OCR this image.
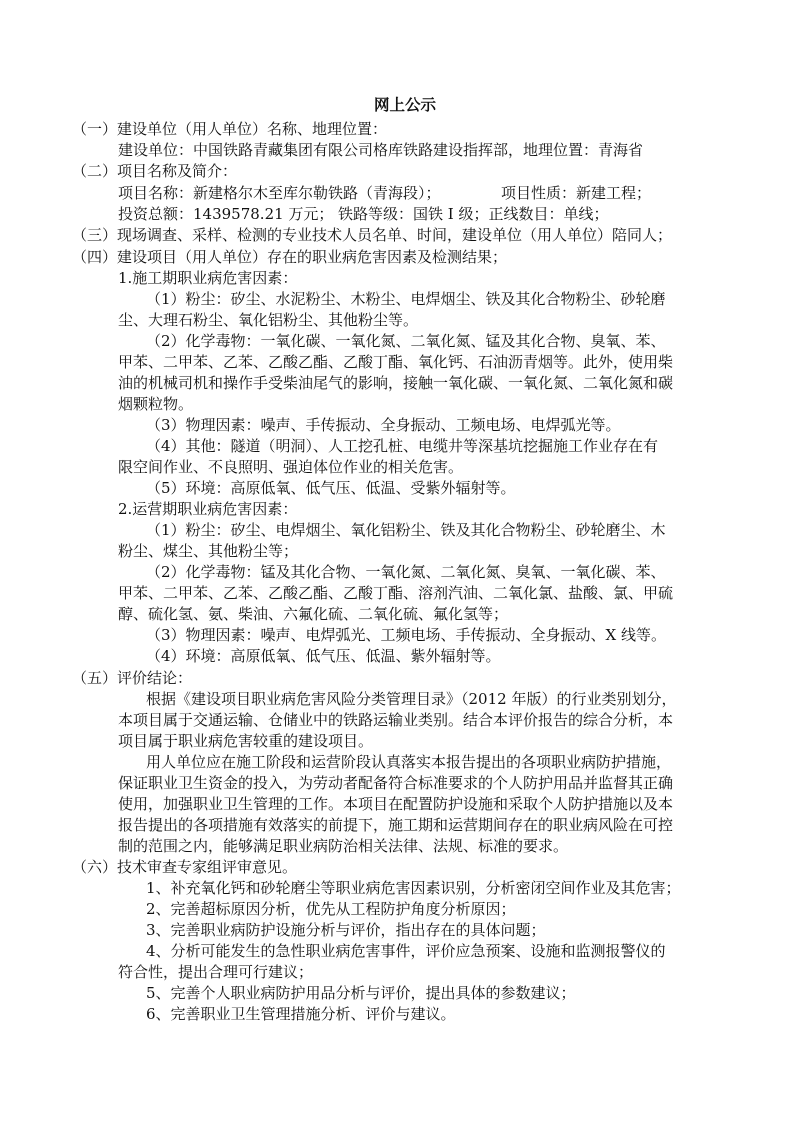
网上公示
（一）建设单位（用人单位）名称、地理位置：
建设单位：中国铁路青藏集团有限公司格库铁路建设指挥部，地理位置：青海省
（二）项目名称及简介：
项目名称：新建格尔木至库尔勒铁路（青海段）；	项目性质：新建工程；
投资总额：1439578.21 万元； 铁路等级：国铁 I 级；正线数目：单线；
（三）现场调查、采样、检测的专业技术人员名单、时间，建设单位（用人单位）陪同人；
（四）建设项目（用人单位）存在的职业病危害因素及检测结果；
1.施工期职业病危害因素：
（1）粉尘：矽尘、水泥粉尘、木粉尘、电焊烟尘、铁及其化合物粉尘、砂轮磨
尘、大理石粉尘、氧化铝粉尘、其他粉尘等。
（2）化学毒物：一氧化碳、一氧化氮、二氧化氮、锰及其化合物、臭氧、苯、
甲苯、二甲苯、乙苯、乙酸乙酯、乙酸丁酯、氧化钙、石油沥青烟等。此外，使用柴
油的机械司机和操作手受柴油尾气的影响，接触一氧化碳、一氧化氮、二氧化氮和碳
烟颗粒物。
（3）物理因素：噪声、手传振动、全身振动、工频电场、电焊弧光等。
（4）其他：隧道（明洞）、人工挖孔桩、电缆井等深基坑挖掘施工作业存在有
限空间作业、不良照明、强迫体位作业的相关危害。
（5）环境：高原低氧、低气压、低温、受紫外辐射等。
2.运营期职业病危害因素：
（1）粉尘：矽尘、电焊烟尘、氧化铝粉尘、铁及其化合物粉尘、砂轮磨尘、木
粉尘、煤尘、其他粉尘等；
（2）化学毒物：锰及其化合物、一氧化氮、二氧化氮、臭氧、一氧化碳、苯、
甲苯、二甲苯、乙苯、乙酸乙酯、乙酸丁酯、溶剂汽油、二氧化氯、盐酸、氯、甲硫
醇、硫化氢、氨、柴油、六氟化硫、二氧化硫、氟化氢等；
（3）物理因素：噪声、电焊弧光、工频电场、手传振动、全身振动、X 线等。
（4）环境：高原低氧、低气压、低温、紫外辐射等。
（五）评价结论：
根据《建设项目职业病危害风险分类管理目录》（2012 年版）的行业类别划分，
本项目属于交通运输、仓储业中的铁路运输业类别。结合本评价报告的综合分析，本
项目属于职业病危害较重的建设项目。
用人单位应在施工阶段和运营阶段认真落实本报告提出的各项职业病防护措施，
保证职业卫生资金的投入，为劳动者配备符合标准要求的个人防护用品并监督其正确
使用，加强职业卫生管理的工作。本项目在配置防护设施和采取个人防护措施以及本
报告提出的各项措施有效落实的前提下，施工期和运营期间存在的职业病风险在可控
制的范围之内，能够满足职业病防治相关法律、法规、标准的要求。
（六）技术审查专家组评审意见。
1、补充氧化钙和砂轮磨尘等职业病危害因素识别，分析密闭空间作业及其危害；
2、完善超标原因分析，优先从工程防护角度分析原因；
3、完善职业病防护设施分析与评价，指出存在的具体问题；
4、分析可能发生的急性职业病危害事件，评价应急预案、设施和监测报警仪的
符合性，提出合理可行建议；
5、完善个人职业病防护用品分析与评价，提出具体的参数建议；
6、完善职业卫生管理措施分析、评价与建议。
